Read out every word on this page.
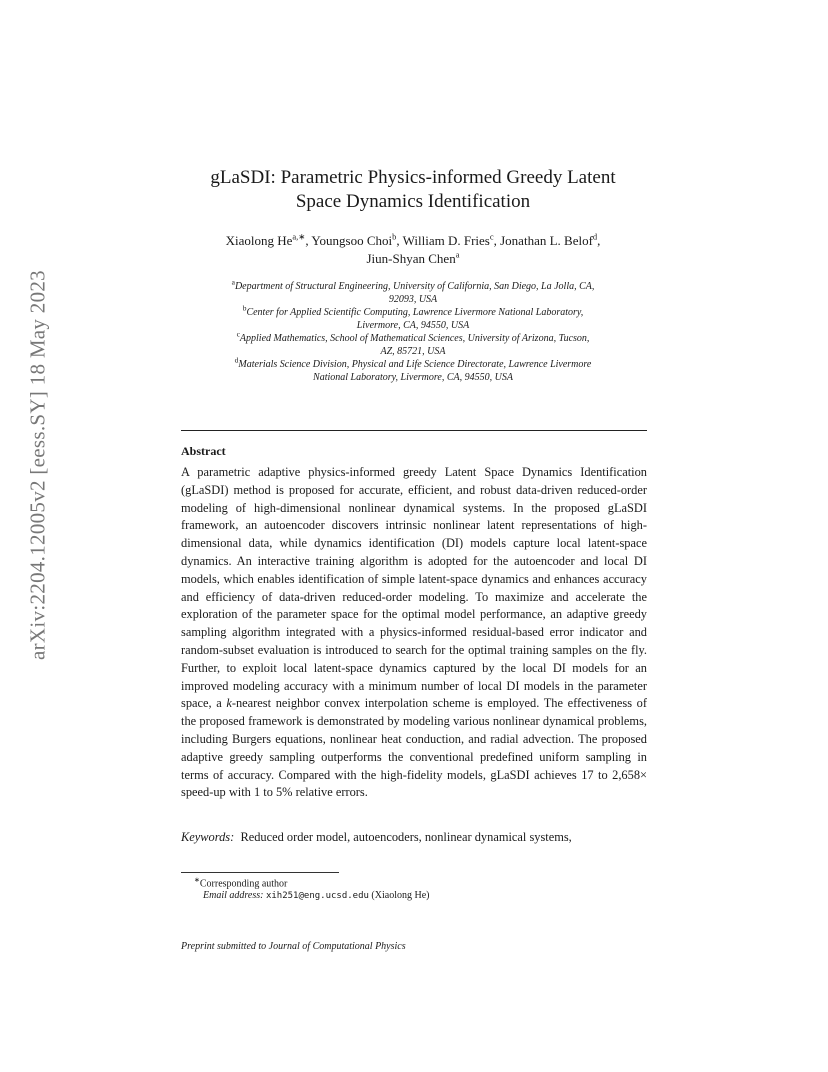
arXiv:2204.12005v2 [eess.SY] 18 May 2023
gLaSDI: Parametric Physics-informed Greedy Latent
Space Dynamics Identification
Xiaolong $He^{a,∗}$, Youngsoo Choi$^b$, William D. Fries$^c$, Jonathan L. Belof$^d$,
Jiun-Shyan Chen$^a$
$^a$Department of Structural Engineering, University of California, San Diego, La Jolla, CA,
92093, USA
$^b$Center for Applied Scientific Computing, Lawrence Livermore National Laboratory,
Livermore, CA, 94550, USA
$^c$Applied Mathematics, School of Mathematical Sciences, University of Arizona, Tucson,
AZ, 85721, USA
$^d$Materials Science Division, Physical and Life Science Directorate, Lawrence Livermore
National Laboratory, Livermore, CA, 94550, USA
Abstract
A parametric adaptive physics-informed greedy Latent Space Dynamics Identification (gLaSDI) method is proposed for accurate, efficient, and robust data-driven reduced-order modeling of high-dimensional nonlinear dynamical systems. In the proposed gLaSDI framework, an autoencoder discovers intrinsic nonlinear latent representations of high-dimensional data, while dynamics identification (DI) models capture local latent-space dynamics. An interactive training algorithm is adopted for the autoencoder and local DI models, which enables identification of simple latent-space dynamics and enhances accuracy and efficiency of data-driven reduced-order modeling. To maximize and accelerate the exploration of the parameter space for the optimal model performance, an adaptive greedy sampling algorithm integrated with a physics-informed residual-based error indicator and random-subset evaluation is introduced to search for the optimal training samples on the fly. Further, to exploit local latent-space dynamics captured by the local DI models for an improved modeling accuracy with a minimum number of local DI models in the parameter space, a k-nearest neighbor convex interpolation scheme is employed. The effectiveness of the proposed framework is demonstrated by modeling various nonlinear dynamical problems, including Burgers equations, nonlinear heat conduction, and radial advection. The proposed adaptive greedy sampling outperforms the conventional predefined uniform sampling in terms of accuracy. Compared with the high-fidelity models, gLaSDI achieves 17 to 2,658× speed-up with 1 to 5% relative errors.
Keywords: Reduced order model, autoencoders, nonlinear dynamical systems,
∗Corresponding author
Email address: xih251@eng.ucsd.edu (Xiaolong He)
Preprint submitted to Journal of Computational Physics
